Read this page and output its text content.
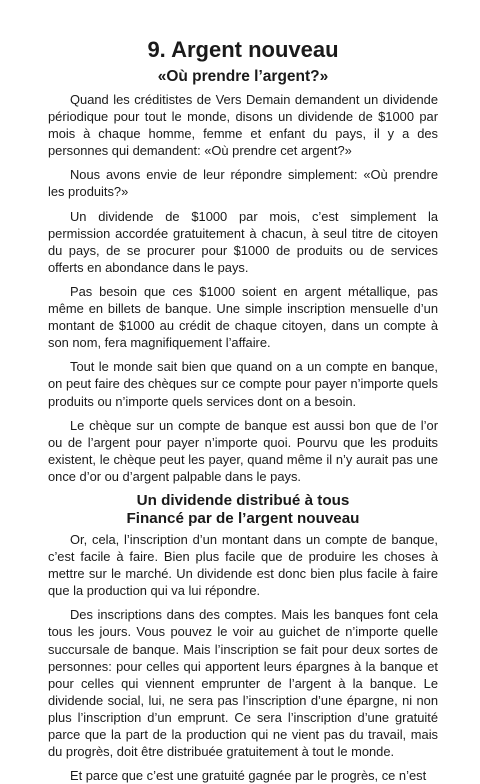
9. Argent nouveau
«Où prendre l’argent?»

Quand les créditistes de Vers Demain demandent un dividende périodique pour tout le monde, disons un dividende de $1000 par mois à chaque homme, femme et enfant du pays, il y a des personnes qui demandent: «Où prendre cet argent?»

Nous avons envie de leur répondre simplement: «Où prendre les produits?»

Un dividende de $1000 par mois, c’est simplement la permission accordée gratuitement à chacun, à seul titre de citoyen du pays, de se procurer pour $1000 de produits ou de services offerts en abondance dans le pays.

Pas besoin que ces $1000 soient en argent métallique, pas même en billets de banque. Une simple inscription mensuelle d’un montant de $1000 au crédit de chaque citoyen, dans un compte à son nom, fera magnifiquement l’affaire.

Tout le monde sait bien que quand on a un compte en banque, on peut faire des chèques sur ce compte pour payer n’importe quels produits ou n’importe quels services dont on a besoin.

Le chèque sur un compte de banque est aussi bon que de l’or ou de l’argent pour payer n’importe quoi. Pourvu que les produits existent, le chèque peut les payer, quand même il n’y aurait pas une once d’or ou d’argent palpable dans le pays.

Un dividende distribué à tous
Financé par de l’argent nouveau

Or, cela, l’inscription d’un montant dans un compte de banque, c’est facile à faire. Bien plus facile que de produire les choses à mettre sur le marché. Un dividende est donc bien plus facile à faire que la production qui va lui répondre.

Des inscriptions dans des comptes. Mais les banques font cela tous les jours. Vous pouvez le voir au guichet de n’importe quelle succursale de banque. Mais l’inscription se fait pour deux sortes de personnes: pour celles qui apportent leurs épargnes à la banque et pour celles qui viennent emprunter de l’argent à la banque. Le dividende social, lui, ne sera pas l’inscription d’une épargne, ni non plus l’inscription d’un emprunt. Ce sera l’inscription d’une gratuité parce que la part de la production qui ne vient pas du travail, mais du progrès, doit être distribuée gratuitement à tout le monde.

Et parce que c’est une gratuité gagnée par le progrès, ce n’est
